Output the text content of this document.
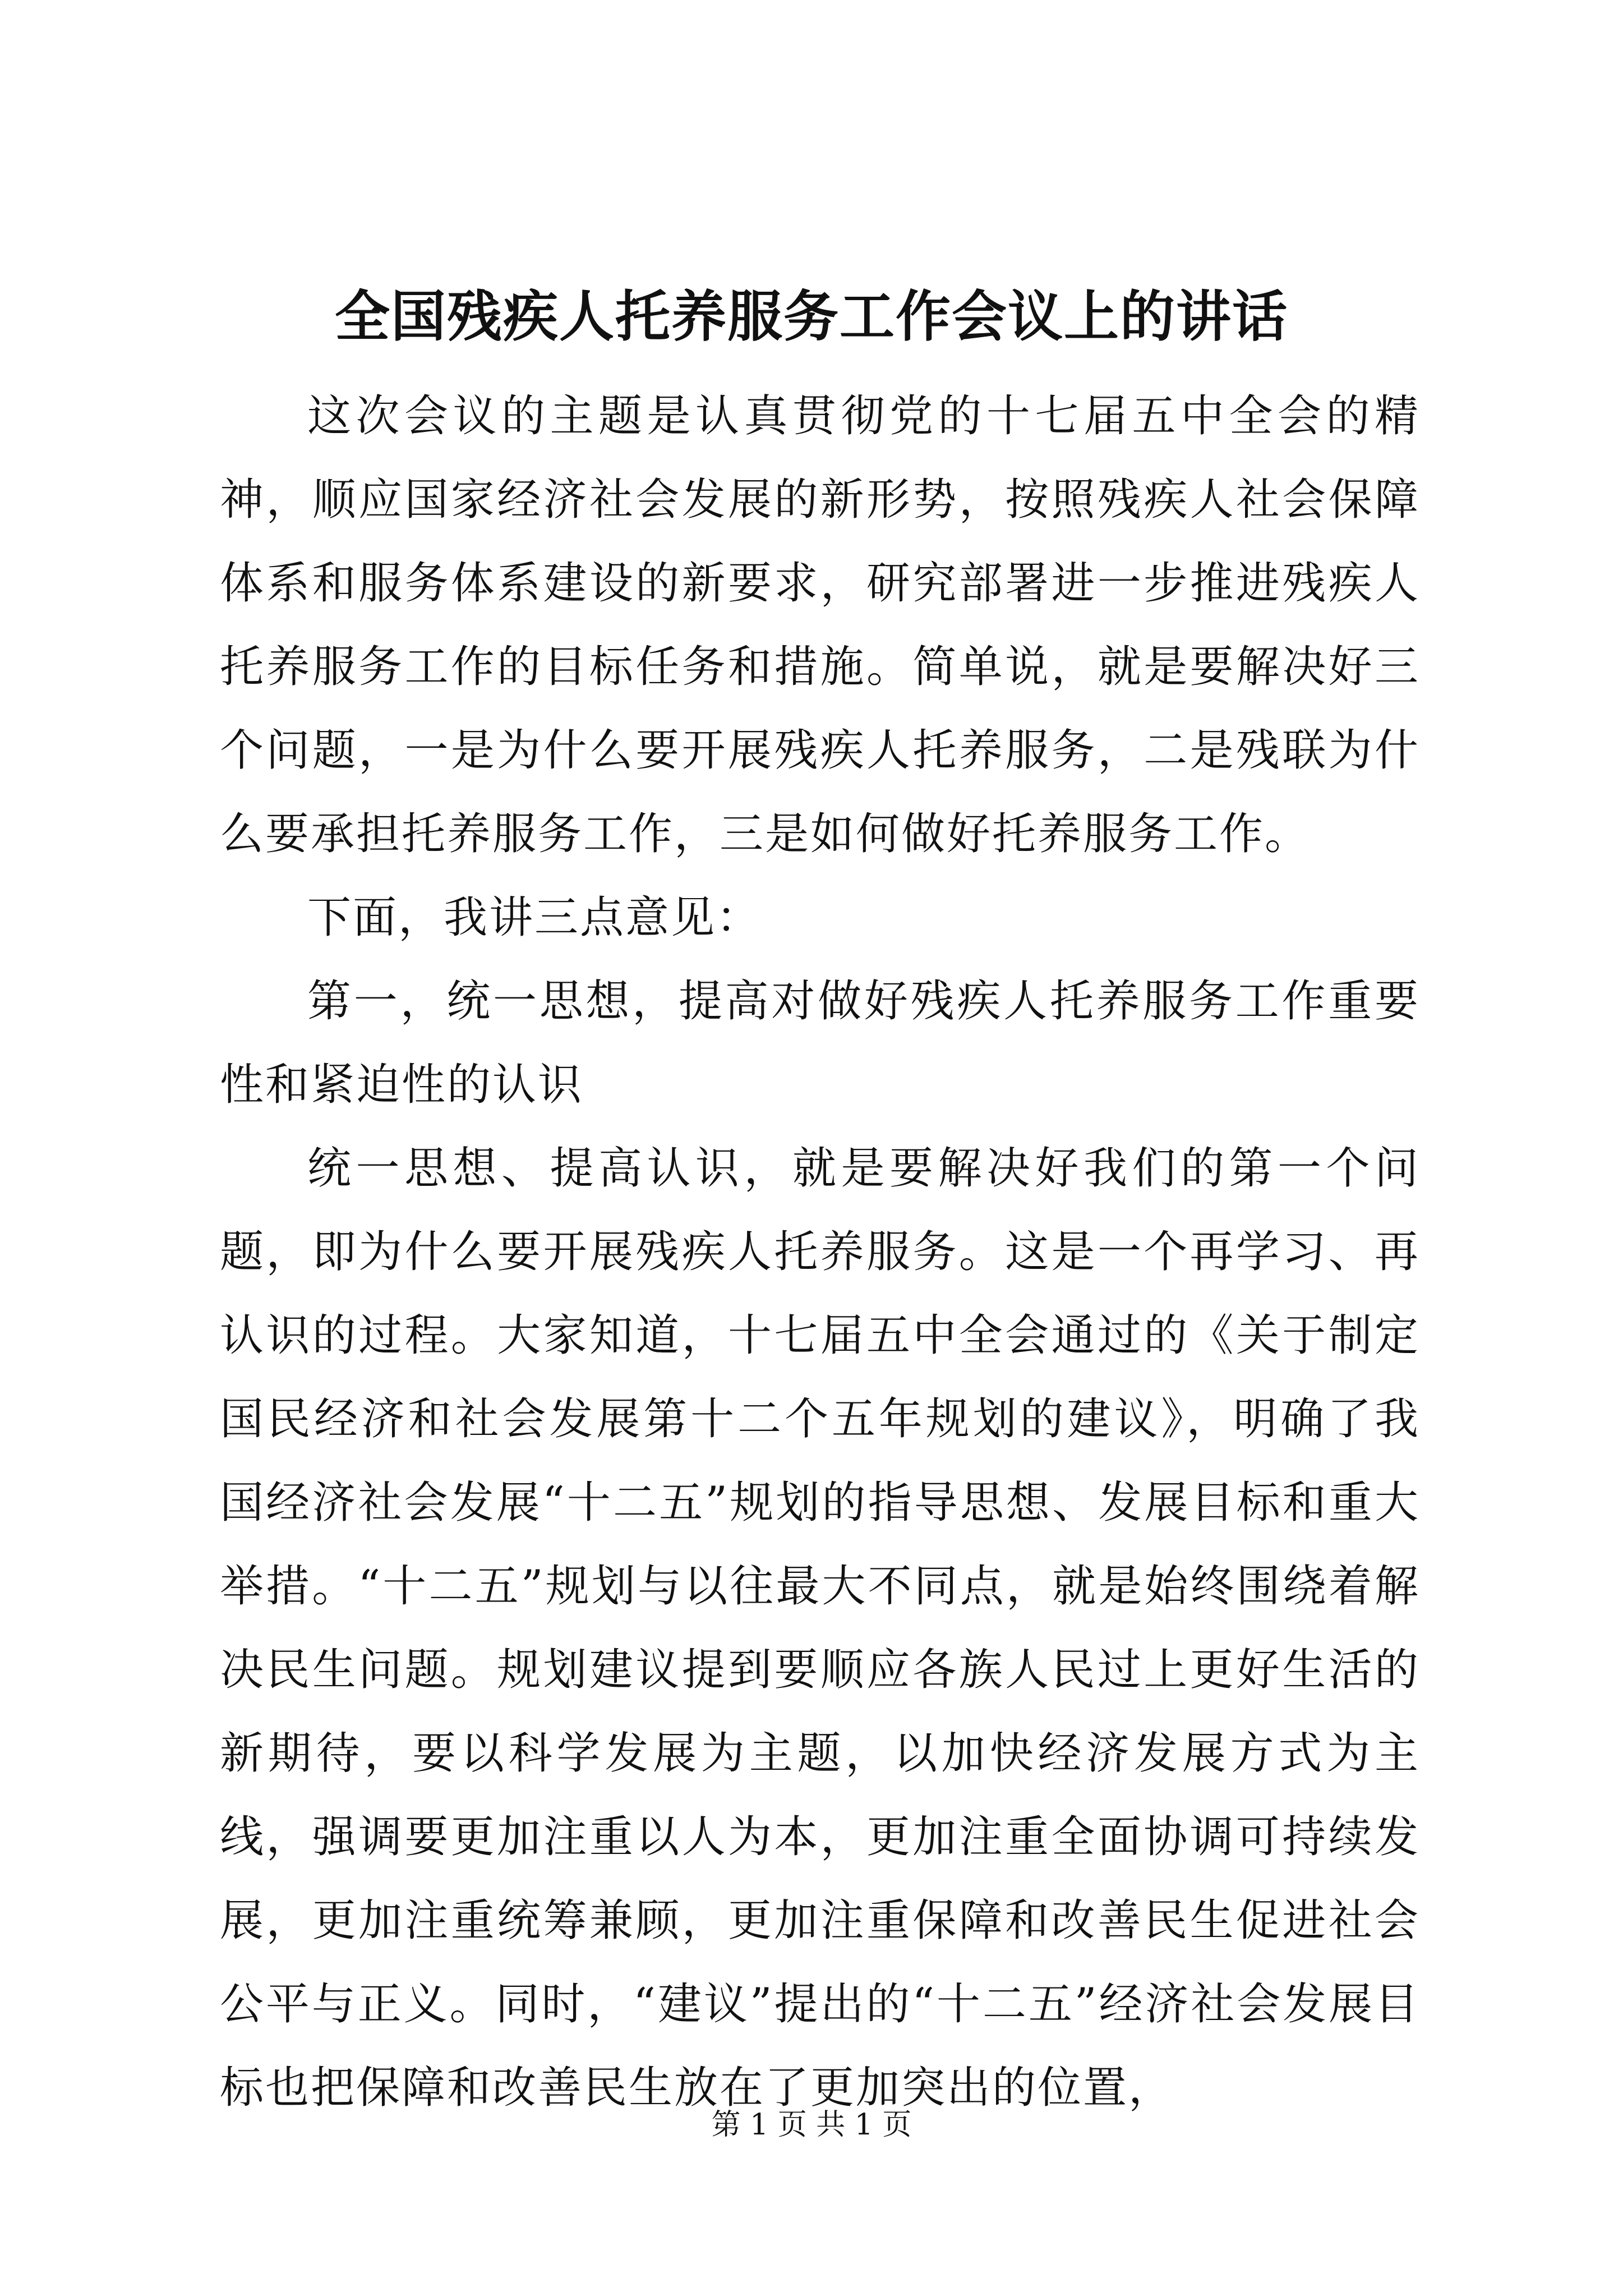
全国残疾人托养服务工作会议上的讲话

这次会议的主题是认真贯彻党的十七届五中全会的精神，顺应国家经济社会发展的新形势，按照残疾人社会保障体系和服务体系建设的新要求，研究部署进一步推进残疾人托养服务工作的目标任务和措施。简单说，就是要解决好三个问题，一是为什么要开展残疾人托养服务，二是残联为什么要承担托养服务工作，三是如何做好托养服务工作。

下面，我讲三点意见：

第一，统一思想，提高对做好残疾人托养服务工作重要性和紧迫性的认识

统一思想、提高认识，就是要解决好我们的第一个问题，即为什么要开展残疾人托养服务。这是一个再学习、再认识的过程。大家知道，十七届五中全会通过的《关于制定国民经济和社会发展第十二个五年规划的建议》，明确了我国经济社会发展“十二五”规划的指导思想、发展目标和重大举措。“十二五”规划与以往最大不同点，就是始终围绕着解决民生问题。规划建议提到要顺应各族人民过上更好生活的新期待，要以科学发展为主题，以加快经济发展方式为主线，强调要更加注重以人为本，更加注重全面协调可持续发展，更加注重统筹兼顾，更加注重保障和改善民生促进社会公平与正义。同时，“建议”提出的“十二五”经济社会发展目标也把保障和改善民生放在了更加突出的位置，

第 1 页 共 1 页
